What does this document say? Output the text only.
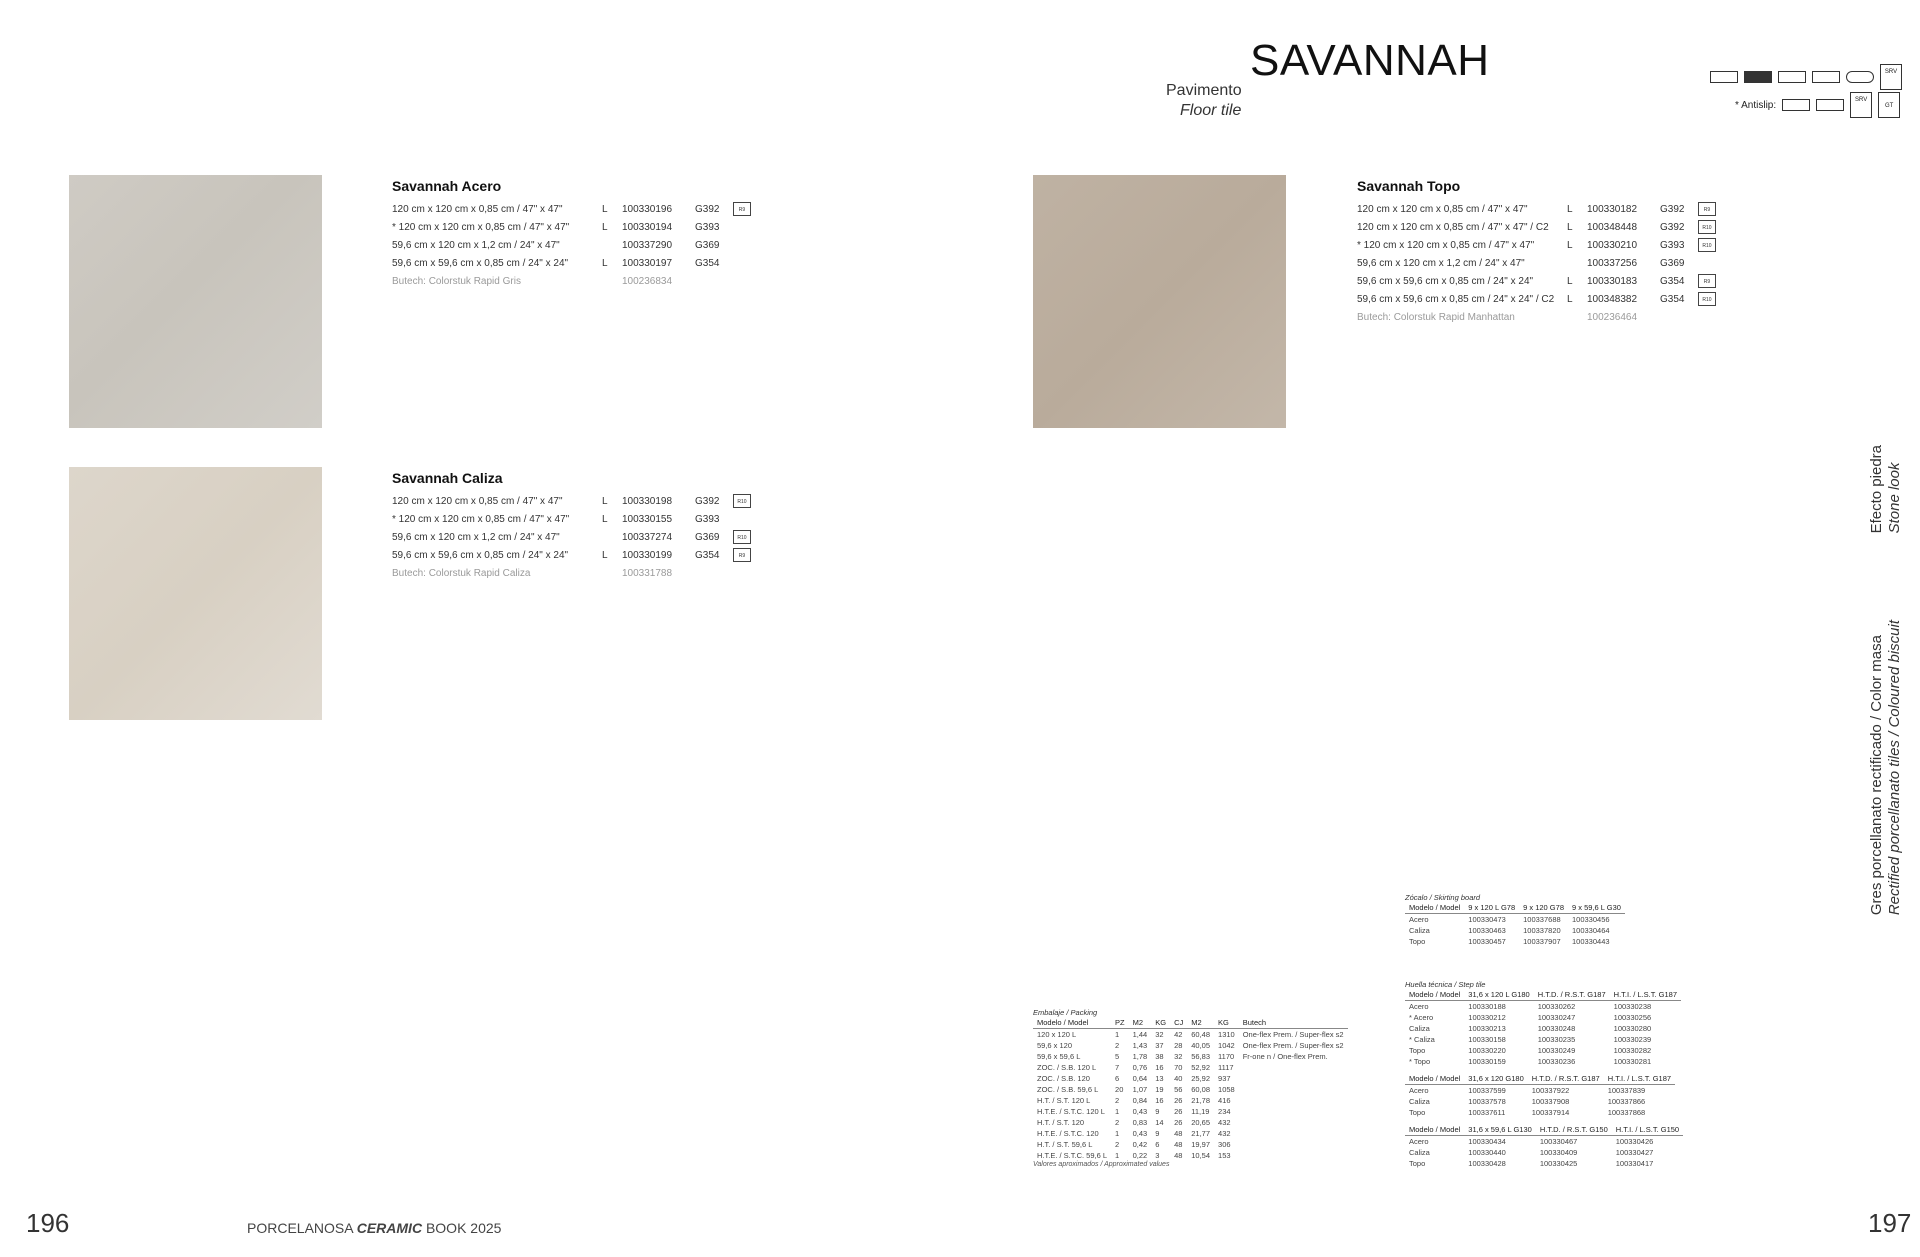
SAVANNAH
Pavimento
Floor tile
SRV
* Antislip:	SRV
GT
Savannah Acero
120 cm x 120 cm x 0,85 cm / 47" x 47"	L	100330196	G392	R9
* 120 cm x 120 cm x 0,85 cm / 47" x 47"	L	100330194	G393
59,6 cm x 120 cm x 1,2 cm / 24" x 47"	100337290	G369
59,6 cm x 59,6 cm x 0,85 cm / 24" x 24"	L	100330197	G354
Butech: Colorstuk Rapid Gris	100236834
Savannah Caliza
120 cm x 120 cm x 0,85 cm / 47" x 47"	L	100330198	G392	R10
* 120 cm x 120 cm x 0,85 cm / 47" x 47"	L	100330155	G393
59,6 cm x 120 cm x 1,2 cm / 24" x 47"	100337274	G369	R10
59,6 cm x 59,6 cm x 0,85 cm / 24" x 24"	L	100330199	G354	R9
Butech: Colorstuk Rapid Caliza	100331788
Savannah Topo
120 cm x 120 cm x 0,85 cm / 47" x 47"	L	100330182	G392	R9
120 cm x 120 cm x 0,85 cm / 47" x 47" / C2	L	100348448	G392	R10
* 120 cm x 120 cm x 0,85 cm / 47" x 47"	L	100330210	G393	R10
59,6 cm x 120 cm x 1,2 cm / 24" x 47"	100337256	G369
59,6 cm x 59,6 cm x 0,85 cm / 24" x 24"	L	100330183	G354	R9
59,6 cm x 59,6 cm x 0,85 cm / 24" x 24" / C2	L	100348382	G354	R10
Butech: Colorstuk Rapid Manhattan	100236464
Efecto piedra Stone look
Gres porcellanato rectificado / Color masa Rectified porcellanato tiles / Coloured biscuit
Embalaje / Packing
Modelo / Model	PZ	M2	KG	CJ	M2	KG	Butech
120 x 120 L	1	1,44	32	42	60,48	1310	One-flex Prem. / Super-flex s2
59,6 x 120	2	1,43	37	28	40,05	1042	One-flex Prem. / Super-flex s2
59,6 x 59,6 L	5	1,78	38	32	56,83	1170	Fr-one n / One-flex Prem.
ZOC. / S.B. 120 L	7	0,76	16	70	52,92	1117	
ZOC. / S.B. 120	6	0,64	13	40	25,92	937	
ZOC. / S.B. 59,6 L	20	1,07	19	56	60,08	1058	
H.T. / S.T. 120 L	2	0,84	16	26	21,78	416	
H.T.E. / S.T.C. 120 L	1	0,43	9	26	11,19	234	
H.T. / S.T. 120	2	0,83	14	26	20,65	432	
H.T.E. / S.T.C. 120	1	0,43	9	48	21,77	432	
H.T. / S.T. 59,6 L	2	0,42	6	48	19,97	306	
H.T.E. / S.T.C. 59,6 L	1	0,22	3	48	10,54	153	
Valores aproximados / Approximated values
Zócalo / Skirting board
Modelo / Model	9 x 120 L G78	9 x 120 G78	9 x 59,6 L G30
Acero	100330473	100337688	100330456
Caliza	100330463	100337820	100330464
Topo	100330457	100337907	100330443
Huella técnica / Step tile
Modelo / Model	31,6 x 120 L G180	H.T.D. / R.S.T. G187	H.T.I. / L.S.T. G187
Acero	100330188	100330262	100330238
* Acero	100330212	100330247	100330256
Caliza	100330213	100330248	100330280
* Caliza	100330158	100330235	100330239
Topo	100330220	100330249	100330282
* Topo	100330159	100330236	100330281
Modelo / Model	31,6 x 120 G180	H.T.D. / R.S.T. G187	H.T.I. / L.S.T. G187
Acero	100337599	100337922	100337839
Caliza	100337578	100337908	100337866
Topo	100337611	100337914	100337868
Modelo / Model	31,6 x 59,6 L G130	H.T.D. / R.S.T. G150	H.T.I. / L.S.T. G150
Acero	100330434	100330467	100330426
Caliza	100330440	100330409	100330427
Topo	100330428	100330425	100330417
196	197
PORCELANOSA CERAMIC BOOK 2025
